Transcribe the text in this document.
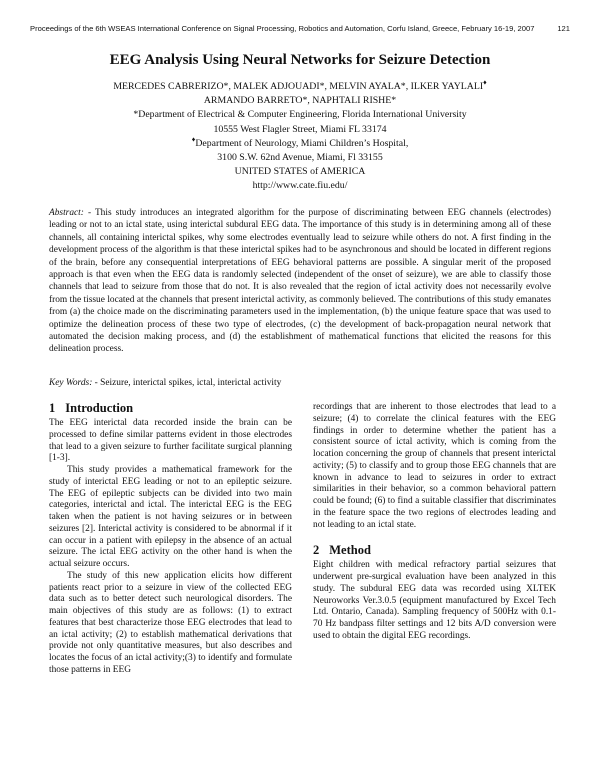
Proceedings of the 6th WSEAS International Conference on Signal Processing, Robotics and Automation, Corfu Island, Greece, February 16-19, 2007	121
EEG Analysis Using Neural Networks for Seizure Detection
MERCEDES CABRERIZO*, MALEK ADJOUADI*, MELVIN AYALA*, ILKER YAYLALI♦
ARMANDO BARRETO*, NAPHTALI RISHE*
*Department of Electrical & Computer Engineering, Florida International University
10555 West Flagler Street, Miami FL 33174
♦Department of Neurology, Miami Children’s Hospital,
3100 S.W. 62nd Avenue, Miami, Fl 33155
UNITED STATES of AMERICA
http://www.cate.fiu.edu/
Abstract: - This study introduces an integrated algorithm for the purpose of discriminating between EEG channels (electrodes) leading or not to an ictal state, using interictal subdural EEG data. The importance of this study is in determining among all of these channels, all containing interictal spikes, why some electrodes eventually lead to seizure while others do not. A first finding in the development process of the algorithm is that these interictal spikes had to be asynchronous and should be located in different regions of the brain, before any consequential interpretations of EEG behavioral patterns are possible. A singular merit of the proposed approach is that even when the EEG data is randomly selected (independent of the onset of seizure), we are able to classify those channels that lead to seizure from those that do not. It is also revealed that the region of ictal activity does not necessarily evolve from the tissue located at the channels that present interictal activity, as commonly believed. The contributions of this study emanates from (a) the choice made on the discriminating parameters used in the implementation, (b) the unique feature space that was used to optimize the delineation process of these two type of electrodes, (c) the development of back-propagation neural network that automated the decision making process, and (d) the establishment of mathematical functions that elicited the reasons for this delineation process.
Key Words: - Seizure, interictal spikes, ictal, interictal activity
1 Introduction

The EEG interictal data recorded inside the brain can be processed to define similar patterns evident in those electrodes that lead to a given seizure to further facilitate surgical planning [1-3].

This study provides a mathematical framework for the study of interictal EEG leading or not to an epileptic seizure. The EEG of epileptic subjects can be divided into two main categories, interictal and ictal. The interictal EEG is the EEG taken when the patient is not having seizures or in between seizures [2]. Interictal activity is considered to be abnormal if it can occur in a patient with epilepsy in the absence of an actual seizure. The ictal EEG activity on the other hand is when the actual seizure occurs.

The study of this new application elicits how different patients react prior to a seizure in view of the collected EEG data such as to better detect such neurological disorders. The main objectives of this study are as follows: (1) to extract features that best characterize those EEG electrodes that lead to an ictal activity; (2) to establish mathematical derivations that provide not only quantitative measures, but also describes and locates the focus of an ictal activity;(3) to identify and formulate those patterns in EEG

recordings that are inherent to those electrodes that lead to a seizure; (4) to correlate the clinical features with the EEG findings in order to determine whether the patient has a consistent source of ictal activity, which is coming from the location concerning the group of channels that present interictal activity; (5) to classify and to group those EEG channels that are known in advance to lead to seizures in order to extract similarities in their behavior, so a common behavioral pattern could be found; (6) to find a suitable classifier that discriminates in the feature space the two regions of electrodes leading and not leading to an ictal state.

2 Method

Eight children with medical refractory partial seizures that underwent pre-surgical evaluation have been analyzed in this study. The subdural EEG data was recorded using XLTEK Neuroworks Ver.3.0.5 (equipment manufactured by Excel Tech Ltd. Ontario, Canada). Sampling frequency of 500Hz with 0.1-70 Hz bandpass filter settings and 12 bits A/D conversion were used to obtain the digital EEG recordings.
